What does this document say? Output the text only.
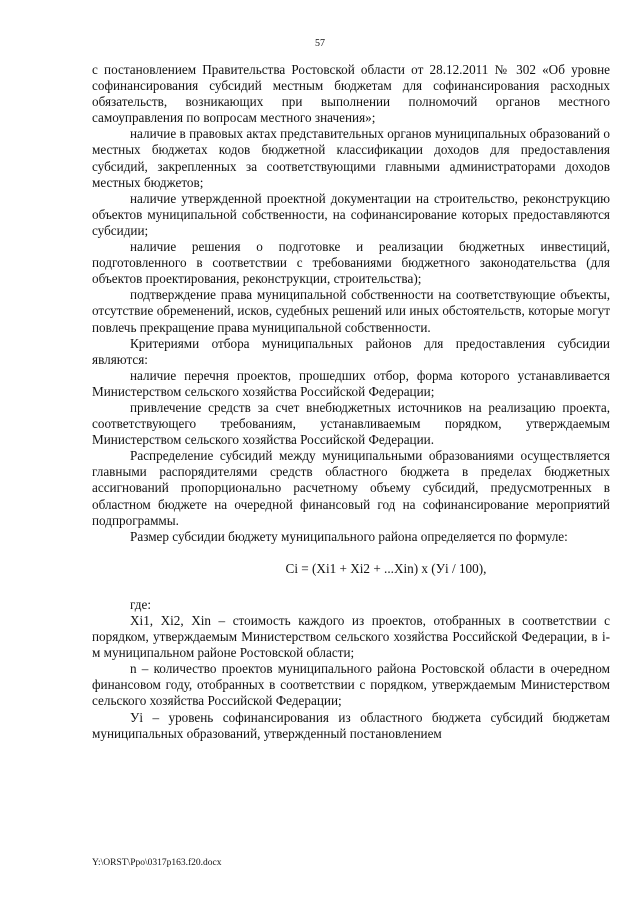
57

с постановлением Правительства Ростовской области от 28.12.2011 № 302 «Об уровне софинансирования субсидий местным бюджетам для софинансирования расходных обязательств, возникающих при выполнении полномочий органов местного самоуправления по вопросам местного значения»;

наличие в правовых актах представительных органов муниципальных образований о местных бюджетах кодов бюджетной классификации доходов для предоставления субсидий, закрепленных за соответствующими главными администраторами доходов местных бюджетов;

наличие утвержденной проектной документации на строительство, реконструкцию объектов муниципальной собственности, на софинансирование которых предоставляются субсидии;

наличие решения о подготовке и реализации бюджетных инвестиций, подготовленного в соответствии с требованиями бюджетного законодательства (для объектов проектирования, реконструкции, строительства);

подтверждение права муниципальной собственности на соответствующие объекты, отсутствие обременений, исков, судебных решений или иных обстоятельств, которые могут повлечь прекращение права муниципальной собственности.

Критериями отбора муниципальных районов для предоставления субсидии являются:

наличие перечня проектов, прошедших отбор, форма которого устанавливается Министерством сельского хозяйства Российской Федерации;

привлечение средств за счет внебюджетных источников на реализацию проекта, соответствующего требованиям, устанавливаемым порядком, утверждаемым Министерством сельского хозяйства Российской Федерации.

Распределение субсидий между муниципальными образованиями осуществляется главными распорядителями средств областного бюджета в пределах бюджетных ассигнований пропорционально расчетному объему субсидий, предусмотренных в областном бюджете на очередной финансовый год на софинансирование мероприятий подпрограммы.

Размер субсидии бюджету муниципального района определяется по формуле:

Ci = (Xi1 + Xi2 + ...Xin) x (Уi / 100),

где:

Xi1, Xi2, Xin – стоимость каждого из проектов, отобранных в соответствии с порядком, утверждаемым Министерством сельского хозяйства Российской Федерации, в i-м муниципальном районе Ростовской области;

n – количество проектов муниципального района Ростовской области в очередном финансовом году, отобранных в соответствии с порядком, утверждаемым Министерством сельского хозяйства Российской Федерации;

Уi – уровень софинансирования из областного бюджета субсидий бюджетам муниципальных образований, утвержденный постановлением

Y:\ORST\Ppo\0317p163.f20.docx
